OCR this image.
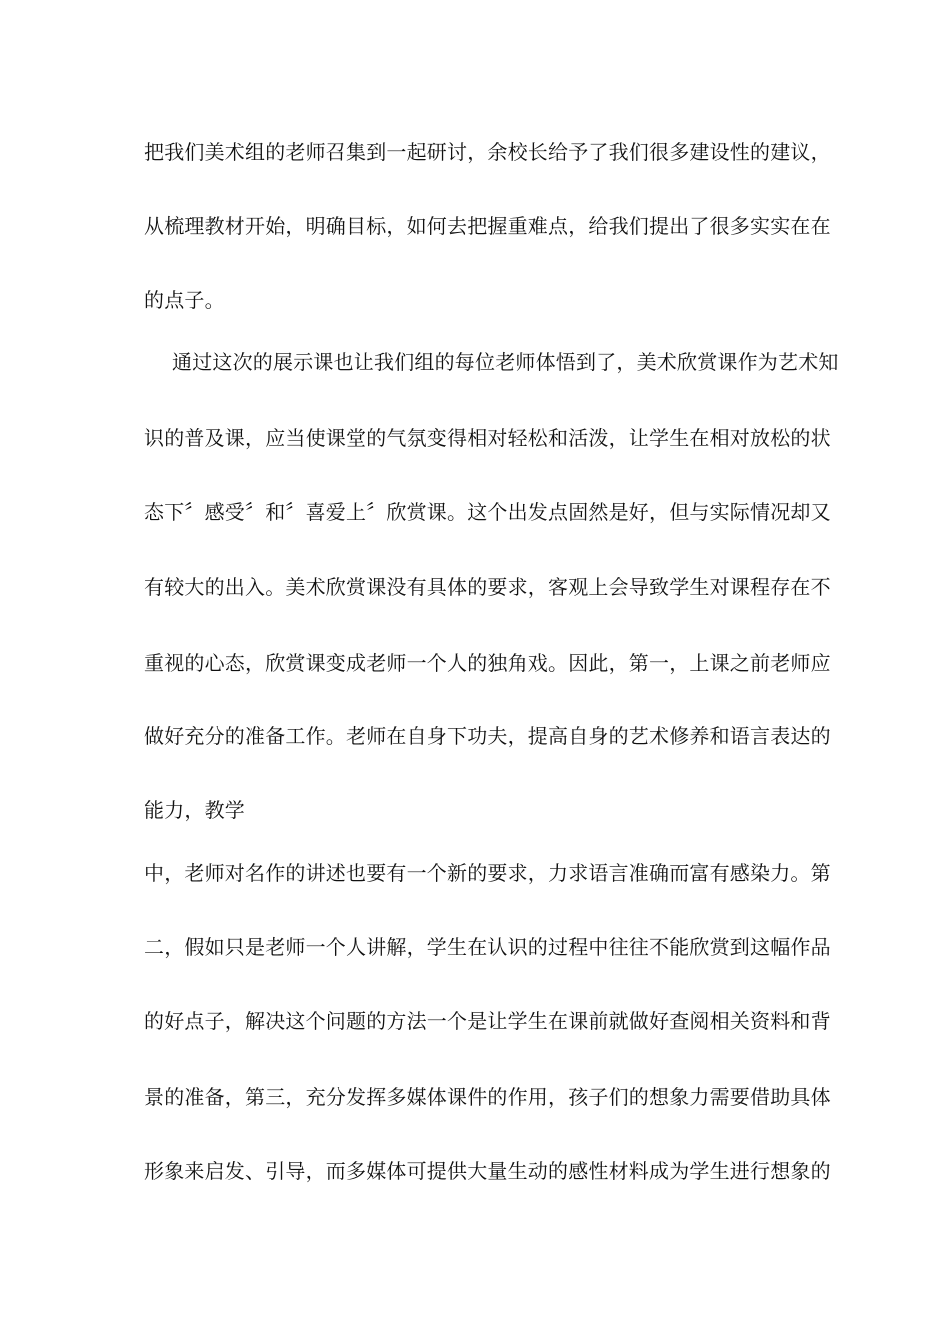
把我们美术组的老师召集到一起研讨，余校长给予了我们很多建设性的建议，
从梳理教材开始，明确目标，如何去把握重难点，给我们提出了很多实实在在
的点子。
通过这次的展示课也让我们组的每位老师体悟到了，美术欣赏课作为艺术知
识的普及课，应当使课堂的气氛变得相对轻松和活泼，让学生在相对放松的状
态下〞感受〞和〞喜爱上〞欣赏课。这个出发点固然是好，但与实际情况却又
有较大的出入。美术欣赏课没有具体的要求，客观上会导致学生对课程存在不
重视的心态，欣赏课变成老师一个人的独角戏。因此，第一，上课之前老师应
做好充分的准备工作。老师在自身下功夫，提高自身的艺术修养和语言表达的
能力，教学
中，老师对名作的讲述也要有一个新的要求，力求语言准确而富有感染力。第
二，假如只是老师一个人讲解，学生在认识的过程中往往不能欣赏到这幅作品
的好点子，解决这个问题的方法一个是让学生在课前就做好查阅相关资料和背
景的准备，第三，充分发挥多媒体课件的作用，孩子们的想象力需要借助具体
形象来启发、引导，而多媒体可提供大量生动的感性材料成为学生进行想象的
